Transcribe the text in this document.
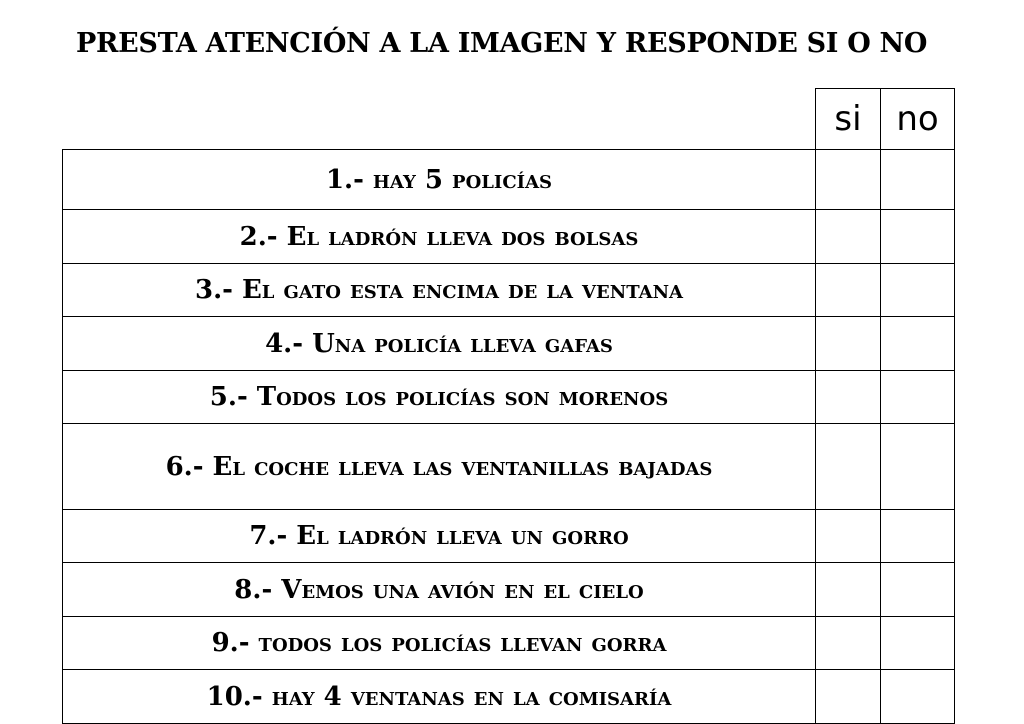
PRESTA ATENCIÓN A LA IMAGEN Y RESPONDE SI O NO
	si	no
1.- hay 5 policías		
2.- El ladrón lleva dos bolsas		
3.- El gato esta encima de la ventana		
4.- Una policía lleva gafas		
5.- Todos los policías son morenos		
6.- El coche lleva las ventanillas bajadas		
7.- El ladrón lleva un gorro		
8.- Vemos una avión en el cielo		
9.- todos los policías llevan gorra		
10.- hay 4 ventanas en la comisaría		
